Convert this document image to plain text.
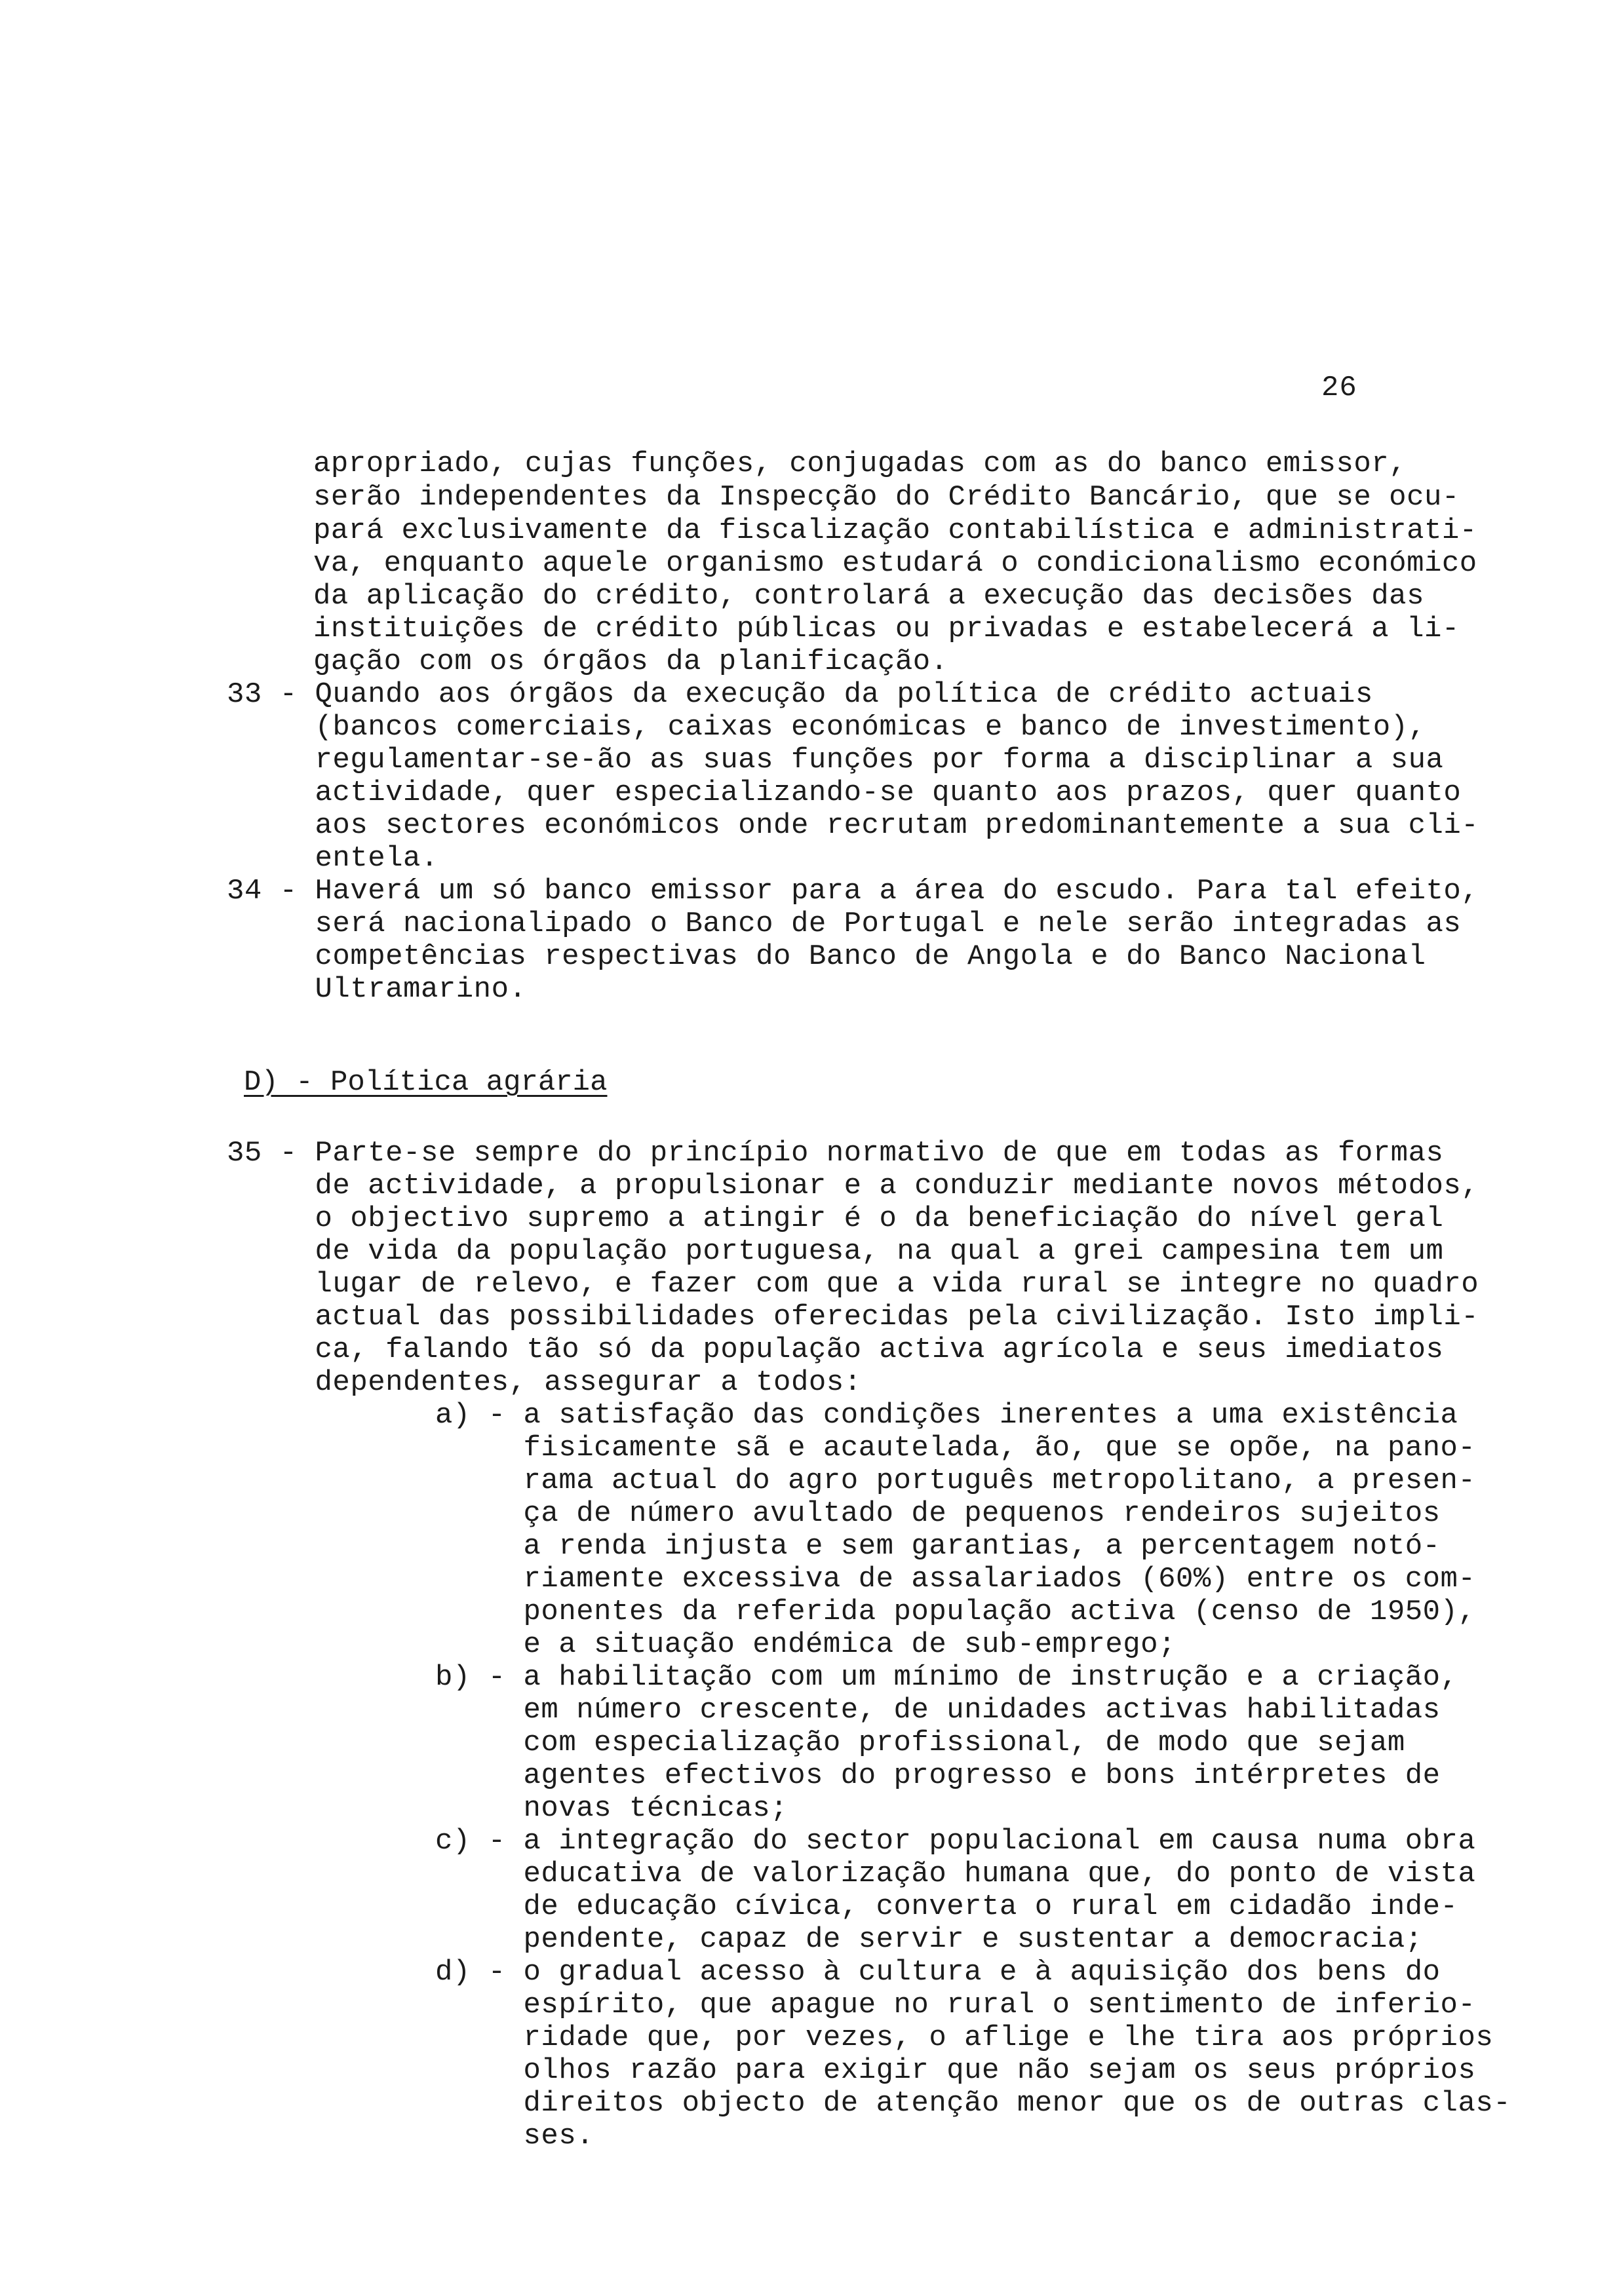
26
apropriado, cujas funções, conjugadas com as do banco emissor,
serão independentes da Inspecção do Crédito Bancário, que se ocu-
pará exclusivamente da fiscalização contabilística e administrati-
va, enquanto aquele organismo estudará o condicionalismo económico
da aplicação do crédito, controlará a execução das decisões das
instituições de crédito públicas ou privadas e estabelecerá a li-
gação com os órgãos da planificação.
33 - Quando aos órgãos da execução da política de crédito actuais
(bancos comerciais, caixas económicas e banco de investimento),
regulamentar-se-ão as suas funções por forma a disciplinar a sua
actividade, quer especializando-se quanto aos prazos, quer quanto
aos sectores económicos onde recrutam predominantemente a sua cli-
entela.
34 - Haverá um só banco emissor para a área do escudo. Para tal efeito,
será nacionalipado o Banco de Portugal e nele serão integradas as
competências respectivas do Banco de Angola e do Banco Nacional
Ultramarino.
D) - Política agrária
35 - Parte-se sempre do princípio normativo de que em todas as formas
de actividade, a propulsionar e a conduzir mediante novos métodos,
o objectivo supremo a atingir é o da beneficiação do nível geral
de vida da população portuguesa, na qual a grei campesina tem um
lugar de relevo, e fazer com que a vida rural se integre no quadro
actual das possibilidades oferecidas pela civilização. Isto impli-
ca, falando tão só da população activa agrícola e seus imediatos
dependentes, assegurar a todos:
a) - a satisfação das condições inerentes a uma existência
fisicamente sã e acautelada, ão, que se opõe, na pano-
rama actual do agro português metropolitano, a presen-
ça de número avultado de pequenos rendeiros sujeitos
a renda injusta e sem garantias, a percentagem notó-
riamente excessiva de assalariados (60%) entre os com-
ponentes da referida população activa (censo de 1950),
e a situação endémica de sub-emprego;
b) - a habilitação com um mínimo de instrução e a criação,
em número crescente, de unidades activas habilitadas
com especialização profissional, de modo que sejam
agentes efectivos do progresso e bons intérpretes de
novas técnicas;
c) - a integração do sector populacional em causa numa obra
educativa de valorização humana que, do ponto de vista
de educação cívica, converta o rural em cidadão inde-
pendente, capaz de servir e sustentar a democracia;
d) - o gradual acesso à cultura e à aquisição dos bens do
espírito, que apague no rural o sentimento de inferio-
ridade que, por vezes, o aflige e lhe tira aos próprios
olhos razão para exigir que não sejam os seus próprios
direitos objecto de atenção menor que os de outras clas-
ses.
